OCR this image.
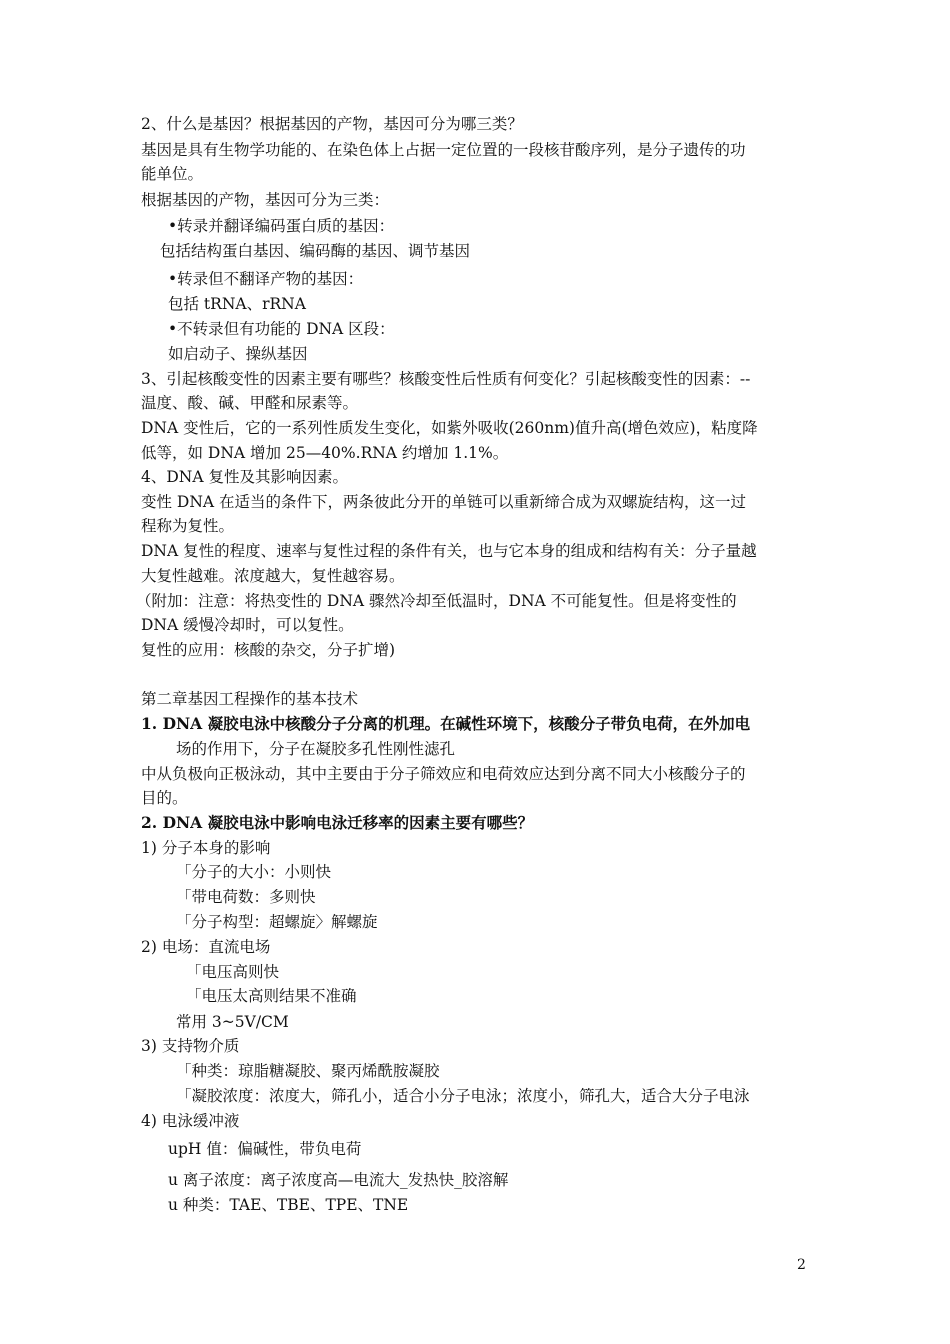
2、什么是基因？根据基因的产物，基因可分为哪三类？
基因是具有生物学功能的、在染色体上占据一定位置的一段核苷酸序列，是分子遗传的功
能单位。
根据基因的产物，基因可分为三类：
•转录并翻译编码蛋白质的基因：
包括结构蛋白基因、编码酶的基因、调节基因
•转录但不翻译产物的基因：
包括 tRNA、rRNA
•不转录但有功能的 DNA 区段：
如启动子、操纵基因
3、引起核酸变性的因素主要有哪些？核酸变性后性质有何变化？引起核酸变性的因素：--
温度、酸、碱、甲醛和尿素等。
DNA 变性后，它的一系列性质发生变化，如紫外吸收(260nm)值升高(增色效应)，粘度降
低等，如 DNA 增加 25—40%.RNA 约增加 1.1%。
4、DNA 复性及其影响因素。
变性 DNA 在适当的条件下，两条彼此分开的单链可以重新缔合成为双螺旋结构，这一过
程称为复性。
DNA 复性的程度、速率与复性过程的条件有关，也与它本身的组成和结构有关：分子量越
大复性越难。浓度越大，复性越容易。
（附加：注意：将热变性的 DNA 骤然冷却至低温时，DNA 不可能复性。但是将变性的
DNA 缓慢冷却时，可以复性。
复性的应用：核酸的杂交，分子扩增)
第二章基因工程操作的基本技术
1. DNA 凝胶电泳中核酸分子分离的机理。在碱性环境下，核酸分子带负电荷，在外加电
场的作用下，分子在凝胶多孔性刚性滤孔
中从负极向正极泳动，其中主要由于分子筛效应和电荷效应达到分离不同大小核酸分子的
目的。
2. DNA 凝胶电泳中影响电泳迁移率的因素主要有哪些？
1) 分子本身的影响
「分子的大小：小则快
「带电荷数：多则快
「分子构型：超螺旋〉解螺旋
2) 电场：直流电场
「电压高则快
「电压太高则结果不准确
常用 3~5V/CM
3) 支持物介质
「种类：琼脂糖凝胶、聚丙烯酰胺凝胶
「凝胶浓度：浓度大，筛孔小，适合小分子电泳；浓度小，筛孔大，适合大分子电泳
4) 电泳缓冲液
upH 值：偏碱性，带负电荷
u 离子浓度：离子浓度高—电流大_发热快_胶溶解
u 种类：TAE、TBE、TPE、TNE
2
